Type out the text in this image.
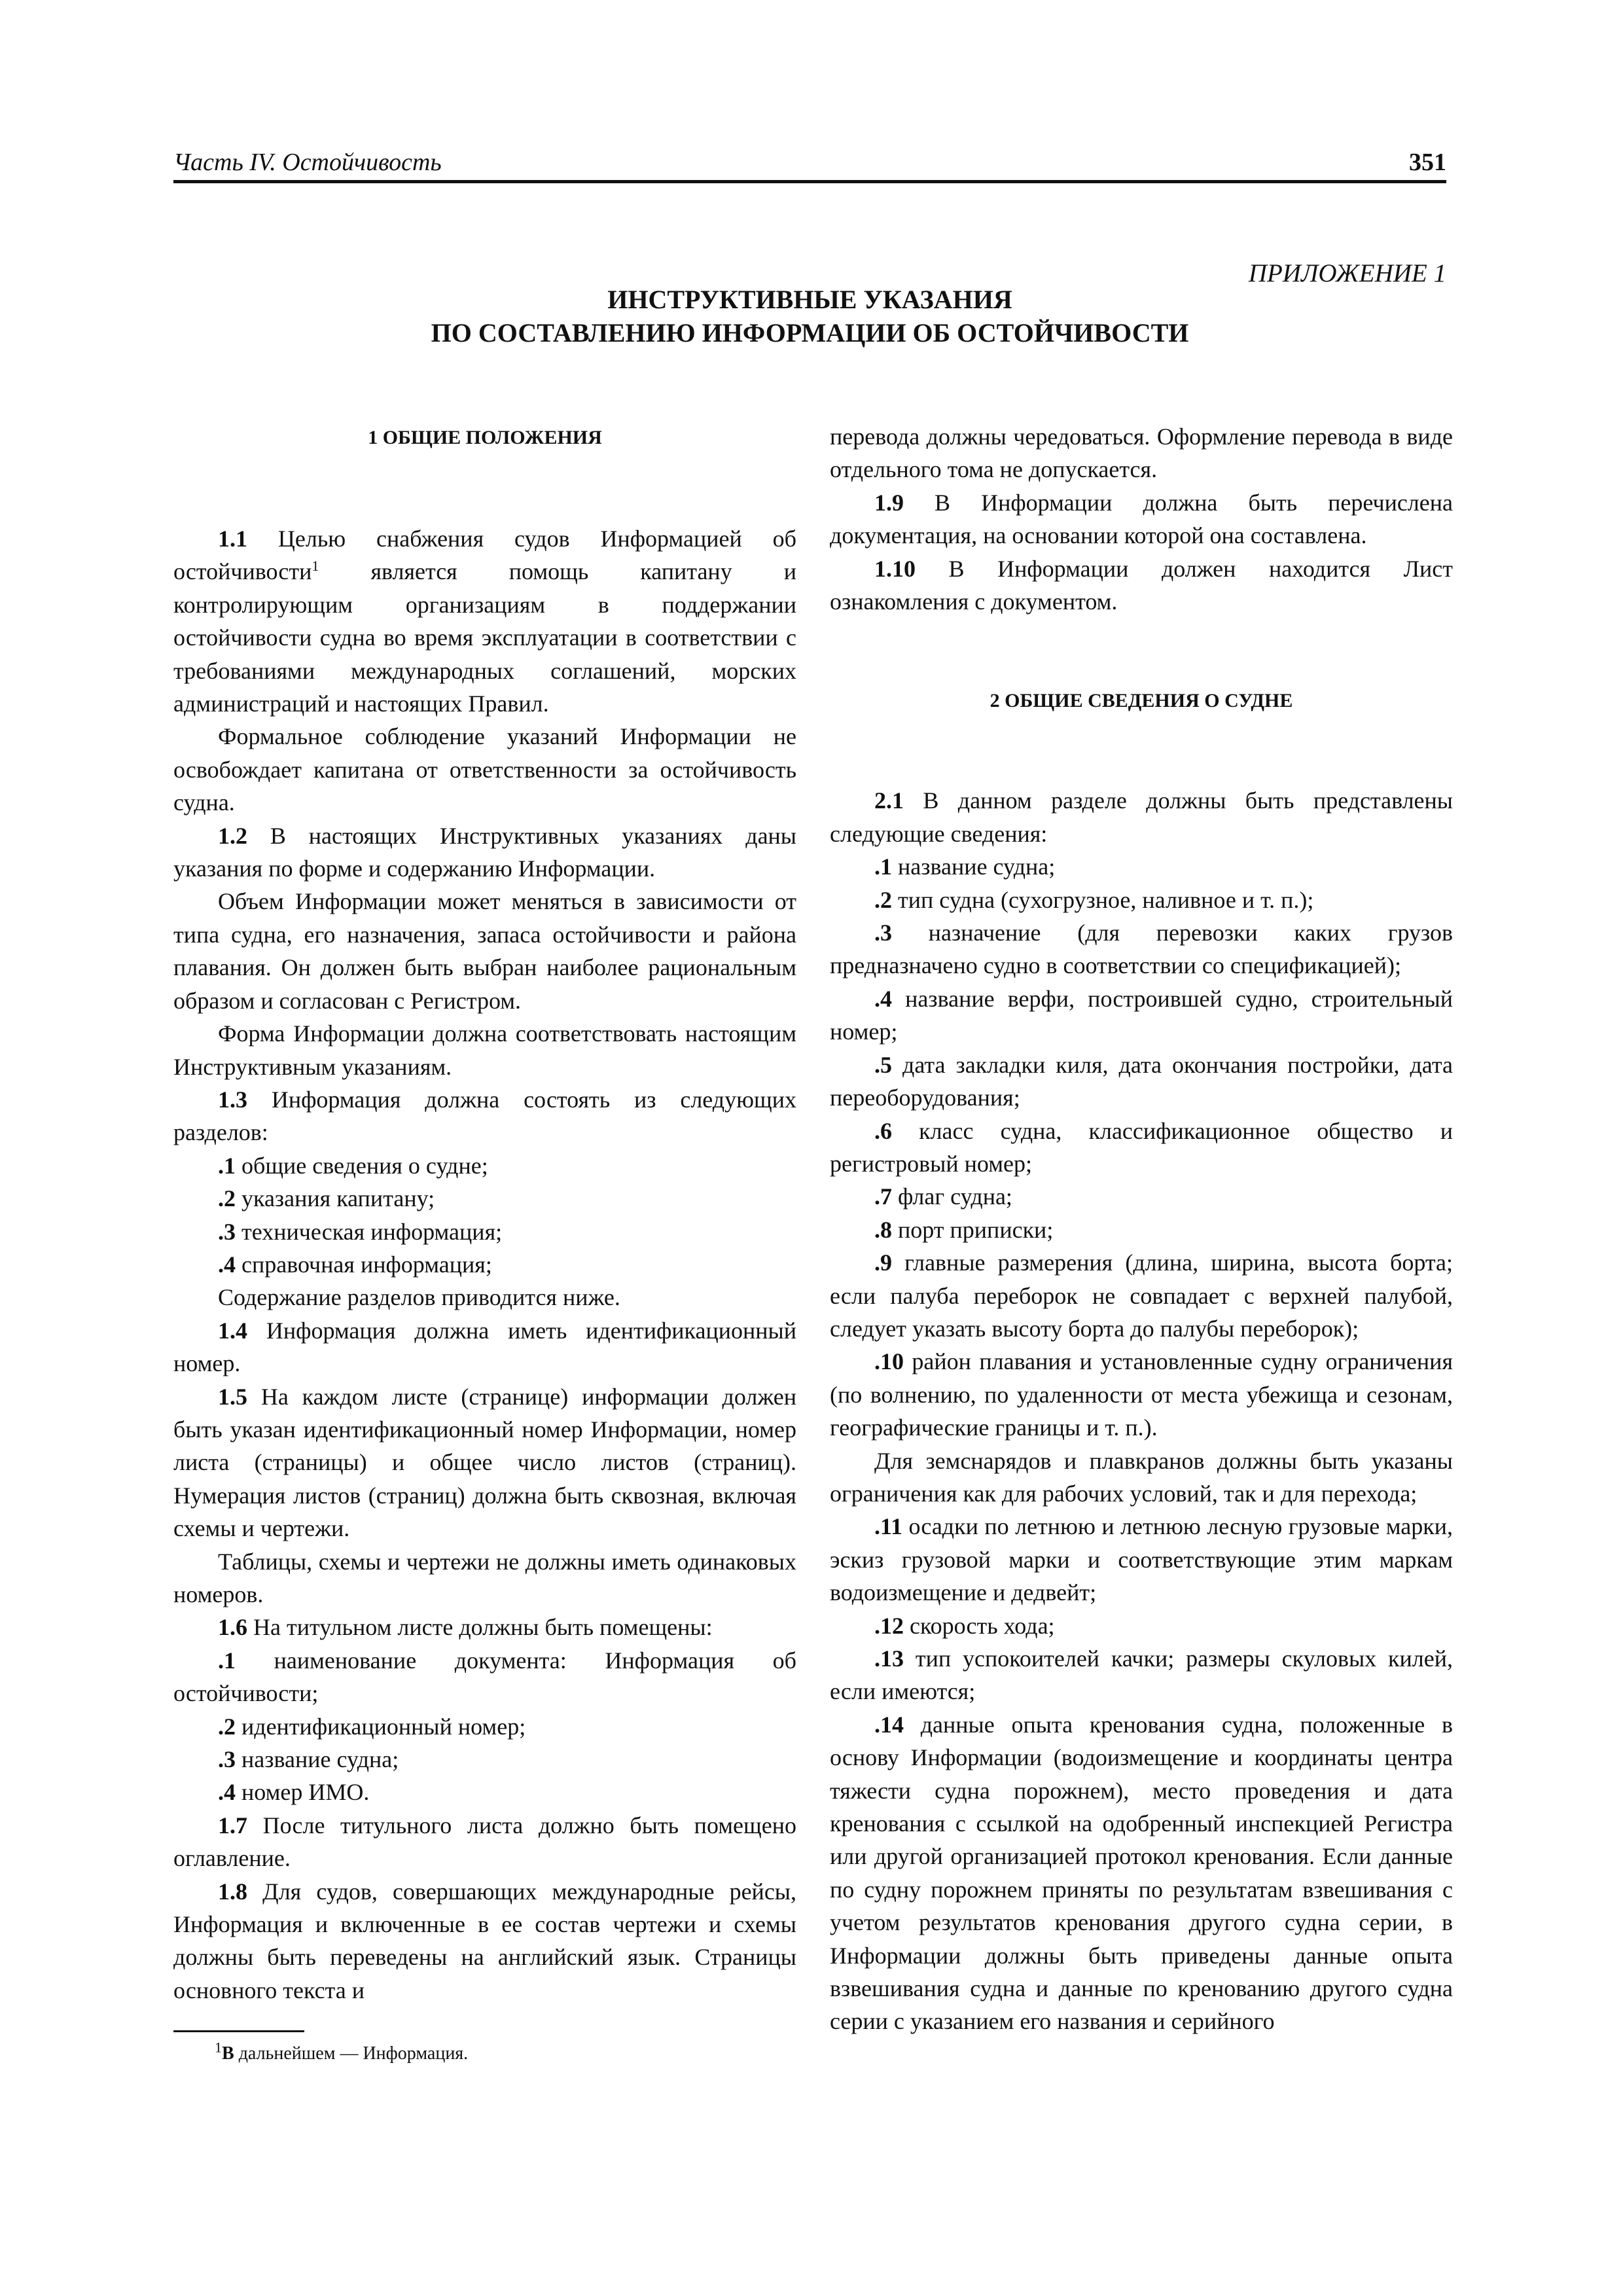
Часть IV. Остойчивость	351
ПРИЛОЖЕНИЕ 1
ИНСТРУКТИВНЫЕ УКАЗАНИЯ
ПО СОСТАВЛЕНИЮ ИНФОРМАЦИИ ОБ ОСТОЙЧИВОСТИ
1 ОБЩИЕ ПОЛОЖЕНИЯ

1.1 Целью снабжения судов Информацией об остойчивости$^1$ является помощь капитану и контролирующим организациям в поддержании остойчивости судна во время эксплуатации в соответствии с требованиями международных соглашений, морских администраций и настоящих Правил.

Формальное соблюдение указаний Информации не освобождает капитана от ответственности за остойчивость судна.

1.2 В настоящих Инструктивных указаниях даны указания по форме и содержанию Информации.

Объем Информации может меняться в зависимости от типа судна, его назначения, запаса остойчивости и района плавания. Он должен быть выбран наиболее рациональным образом и согласован с Регистром.

Форма Информации должна соответствовать настоящим Инструктивным указаниям.

1.3 Информация должна состоять из следующих разделов:

.1 общие сведения о судне;

.2 указания капитану;

.3 техническая информация;

.4 справочная информация;

Содержание разделов приводится ниже.

1.4 Информация должна иметь идентификационный номер.

1.5 На каждом листе (странице) информации должен быть указан идентификационный номер Информации, номер листа (страницы) и общее число листов (страниц). Нумерация листов (страниц) должна быть сквозная, включая схемы и чертежи.

Таблицы, схемы и чертежи не должны иметь одинаковых номеров.

1.6 На титульном листе должны быть помещены:

.1 наименование документа: Информация об остойчивости;

.2 идентификационный номер;

.3 название судна;

.4 номер ИМО.

1.7 После титульного листа должно быть помещено оглавление.

1.8 Для судов, совершающих международные рейсы, Информация и включенные в ее состав чертежи и схемы должны быть переведены на английский язык. Страницы основного текста и

перевода должны чередоваться. Оформление перевода в виде отдельного тома не допускается.

1.9 В Информации должна быть перечислена документация, на основании которой она составлена.

1.10 В Информации должен находится Лист ознакомления с документом.

2 ОБЩИЕ СВЕДЕНИЯ О СУДНЕ

2.1 В данном разделе должны быть представлены следующие сведения:

.1 название судна;

.2 тип судна (сухогрузное, наливное и т. п.);

.3 назначение (для перевозки каких грузов предназначено судно в соответствии со спецификацией);

.4 название верфи, построившей судно, строительный номер;

.5 дата закладки киля, дата окончания постройки, дата переоборудования;

.6 класс судна, классификационное общество и регистровый номер;

.7 флаг судна;

.8 порт приписки;

.9 главные размерения (длина, ширина, высота борта; если палуба переборок не совпадает с верхней палубой, следует указать высоту борта до палубы переборок);

.10 район плавания и установленные судну ограничения (по волнению, по удаленности от места убежища и сезонам, географические границы и т. п.).

Для земснарядов и плавкранов должны быть указаны ограничения как для рабочих условий, так и для перехода;

.11 осадки по летнюю и летнюю лесную грузовые марки, эскиз грузовой марки и соответствующие этим маркам водоизмещение и дедвейт;

.12 скорость хода;

.13 тип успокоителей качки; размеры скуловых килей, если имеются;

.14 данные опыта кренования судна, положенные в основу Информации (водоизмещение и координаты центра тяжести судна порожнем), место проведения и дата кренования с ссылкой на одобренный инспекцией Регистра или другой организацией протокол кренования. Если данные по судну порожнем приняты по результатам взвешивания с учетом результатов кренования другого судна серии, в Информации должны быть приведены данные опыта взвешивания судна и данные по кренованию другого судна серии с указанием его названия и серийного

$^1$В дальнейшем — Информация.
